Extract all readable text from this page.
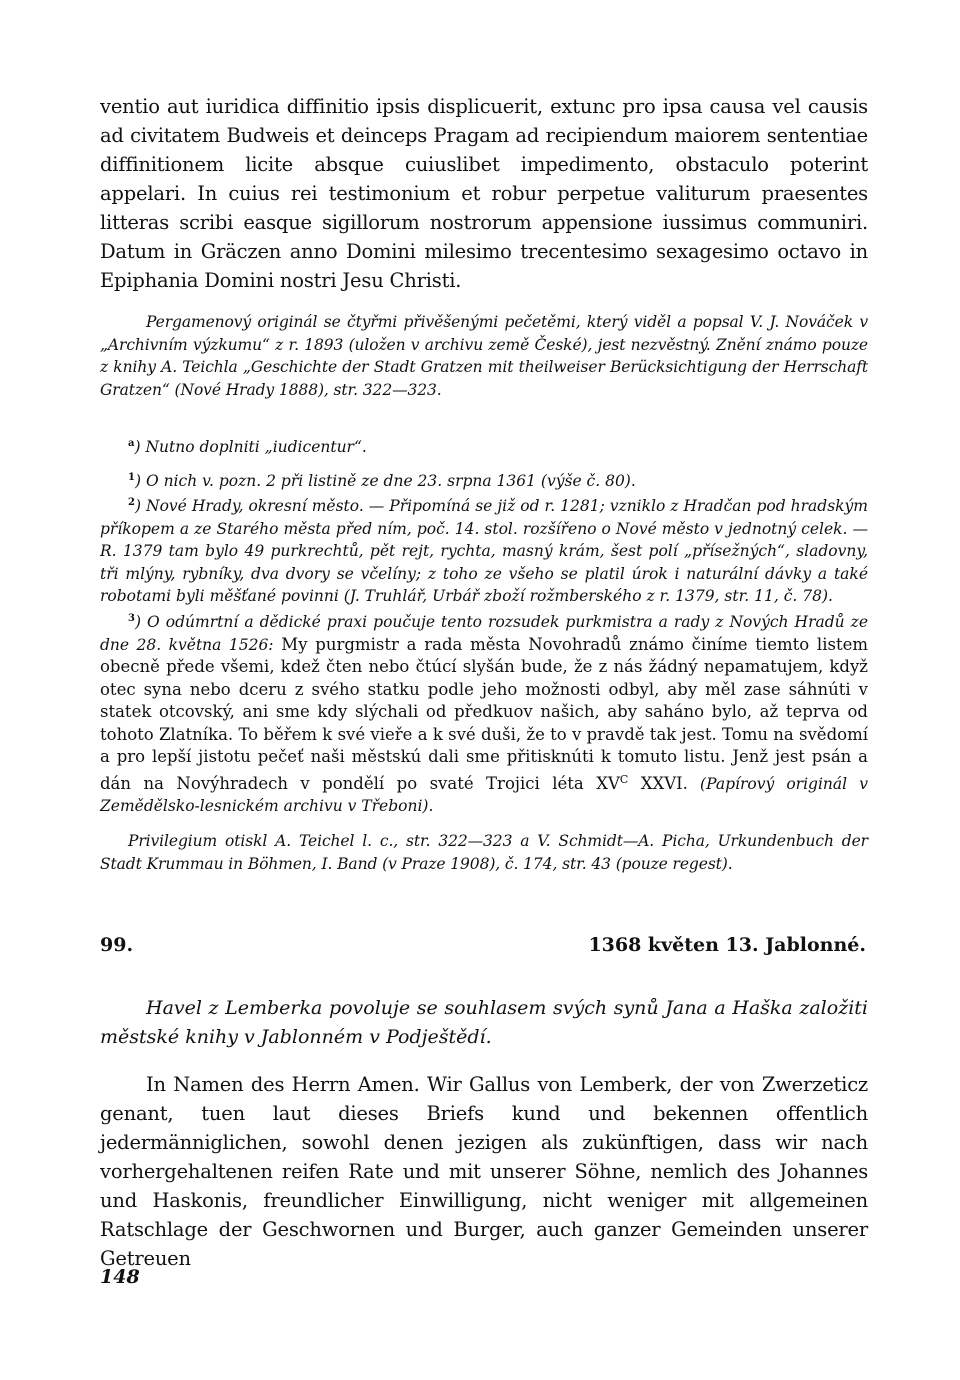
ventio aut iuridica diffinitio ipsis displicuerit, extunc pro ipsa causa vel causis ad civitatem Budweis et deinceps Pragam ad recipiendum maiorem sententiae diffinitionem licite absque cuiuslibet impedimento, obstaculo poterint appelari. In cuius rei testimonium et robur perpetue valiturum praesentes litteras scribi easque sigillorum nostrorum appensione iussimus communiri. Datum in Gräczen anno Domini milesimo trecentesimo sexagesimo octavo in Epiphania Domini nostri Jesu Christi.

Pergamenový originál se čtyřmi přivěšenými pečetěmi, který viděl a popsal V. J. Nováček v „Archivním výzkumu“ z r. 1893 (uložen v archivu země České), jest nezvěstný. Znění známo pouze z knihy A. Teichla „Geschichte der Stadt Gratzen mit theilweiser Berücksichtigung der Herrschaft Gratzen“ (Nové Hrady 1888), str. 322—323.

$^a$) Nutno doplniti „iudicentur“.

$^1$) O nich v. pozn. 2 při listině ze dne 23. srpna 1361 (výše č. 80).

$^2$) Nové Hrady, okresní město. — Připomíná se již od r. 1281; vzniklo z Hradčan pod hradským příkopem a ze Starého města před ním, poč. 14. stol. rozšířeno o Nové město v jednotný celek. — R. 1379 tam bylo 49 purkrechtů, pět rejt, rychta, masný krám, šest polí „přísežných“, sladovny, tři mlýny, rybníky, dva dvory se včelíny; z toho ze všeho se platil úrok i naturální dávky a také robotami byli měšťané povinni (J. Truhlář, Urbář zboží rožmberského z r. 1379, str. 11, č. 78).

$^3$) O odúmrtní a dědické praxi poučuje tento rozsudek purkmistra a rady z Nových Hradů ze dne 28. května 1526: My purgmistr a rada města Novohradů známo činíme tiemto listem obecně přede všemi, kdež čten nebo čtúcí slyšán bude, že z nás žádný nepamatujem, když otec syna nebo dceru z svého statku podle jeho možnosti odbyl, aby měl zase sáhnúti v statek otcovský, ani sme kdy slýchali od předkuov našich, aby saháno bylo, až teprva od tohoto Zlatníka. To běřem k své vieře a k své duši, že to v pravdě tak jest. Tomu na svědomí a pro lepší jistotu pečeť naši městskú dali sme přitisknúti k tomuto listu. Jenž jest psán a dán na Novýhradech v pondělí po svaté Trojici léta $XV^C$ XXVI. (Papírový originál v Zemědělsko-lesnickém archivu v Třeboni).

Privilegium otiskl A. Teichel l. c., str. 322—323 a V. Schmidt—A. Picha, Urkundenbuch der Stadt Krummau in Böhmen, I. Band (v Praze 1908), č. 174, str. 43 (pouze regest).

99.	1368 květen 13. Jablonné.

Havel z Lemberka povoluje se souhlasem svých synů Jana a Haška založiti městské knihy v Jablonném v Podještědí.

In Namen des Herrn Amen. Wir Gallus von Lemberk, der von Zwerzeticz genant, tuen laut dieses Briefs kund und bekennen offentlich jedermänniglichen, sowohl denen jezigen als zukünftigen, dass wir nach vorhergehaltenen reifen Rate und mit unserer Söhne, nemlich des Johannes und Haskonis, freundlicher Einwilligung, nicht weniger mit allgemeinen Ratschlage der Geschwornen und Burger, auch ganzer Gemeinden unserer Getreuen

148
